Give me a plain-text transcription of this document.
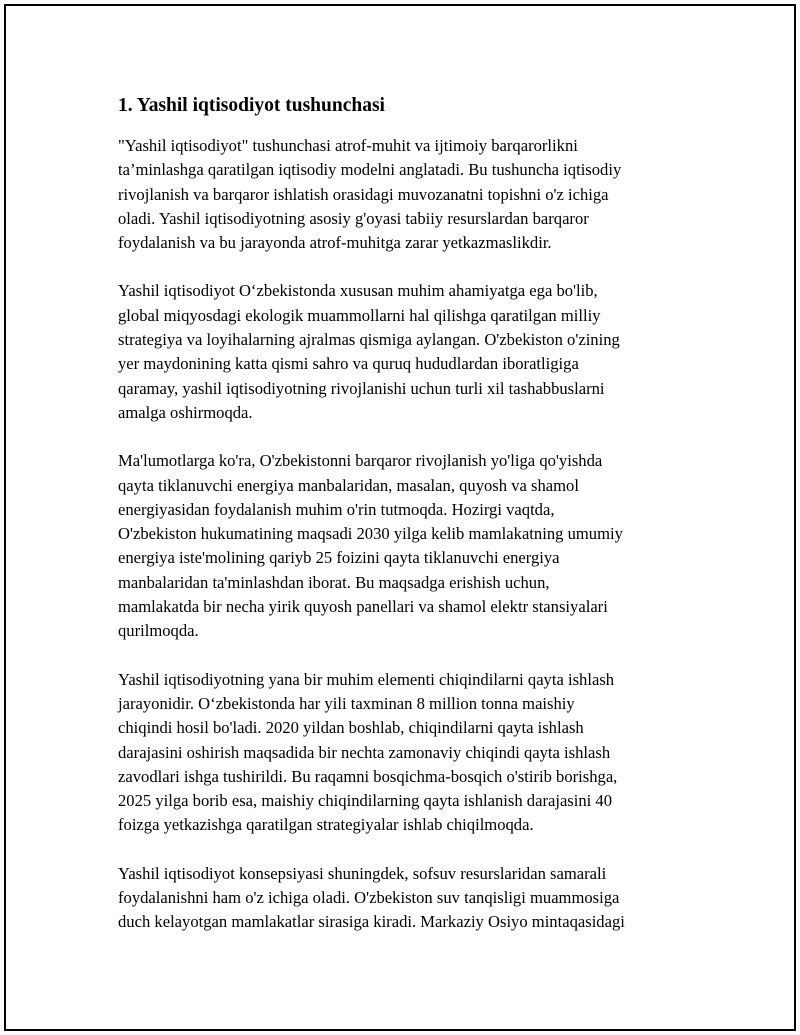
1. Yashil iqtisodiyot tushunchasi

"Yashil iqtisodiyot" tushunchasi atrof-muhit va ijtimoiy barqarorlikni
ta’minlashga qaratilgan iqtisodiy modelni anglatadi. Bu tushuncha iqtisodiy
rivojlanish va barqaror ishlatish orasidagi muvozanatni topishni o'z ichiga
oladi. Yashil iqtisodiyotning asosiy g'oyasi tabiiy resurslardan barqaror
foydalanish va bu jarayonda atrof-muhitga zarar yetkazmaslikdir.

Yashil iqtisodiyot O‘zbekistonda xususan muhim ahamiyatga ega bo'lib,
global miqyosdagi ekologik muammollarni hal qilishga qaratilgan milliy
strategiya va loyihalarning ajralmas qismiga aylangan. O'zbekiston o'zining
yer maydonining katta qismi sahro va quruq hududlardan iboratligiga
qaramay, yashil iqtisodiyotning rivojlanishi uchun turli xil tashabbuslarni
amalga oshirmoqda.

Ma'lumotlarga ko'ra, O'zbekistonni barqaror rivojlanish yo'liga qo'yishda
qayta tiklanuvchi energiya manbalaridan, masalan, quyosh va shamol
energiyasidan foydalanish muhim o'rin tutmoqda. Hozirgi vaqtda,
O'zbekiston hukumatining maqsadi 2030 yilga kelib mamlakatning umumiy
energiya iste'molining qariyb 25 foizini qayta tiklanuvchi energiya
manbalaridan ta'minlashdan iborat. Bu maqsadga erishish uchun,
mamlakatda bir necha yirik quyosh panellari va shamol elektr stansiyalari
qurilmoqda.

Yashil iqtisodiyotning yana bir muhim elementi chiqindilarni qayta ishlash
jarayonidir. O‘zbekistonda har yili taxminan 8 million tonna maishiy
chiqindi hosil bo'ladi. 2020 yildan boshlab, chiqindilarni qayta ishlash
darajasini oshirish maqsadida bir nechta zamonaviy chiqindi qayta ishlash
zavodlari ishga tushirildi. Bu raqamni bosqichma-bosqich o'stirib borishga,
2025 yilga borib esa, maishiy chiqindilarning qayta ishlanish darajasini 40
foizga yetkazishga qaratilgan strategiyalar ishlab chiqilmoqda.

Yashil iqtisodiyot konsepsiyasi shuningdek, sofsuv resurslaridan samarali
foydalanishni ham o'z ichiga oladi. O'zbekiston suv tanqisligi muammosiga
duch kelayotgan mamlakatlar sirasiga kiradi. Markaziy Osiyo mintaqasidagi
